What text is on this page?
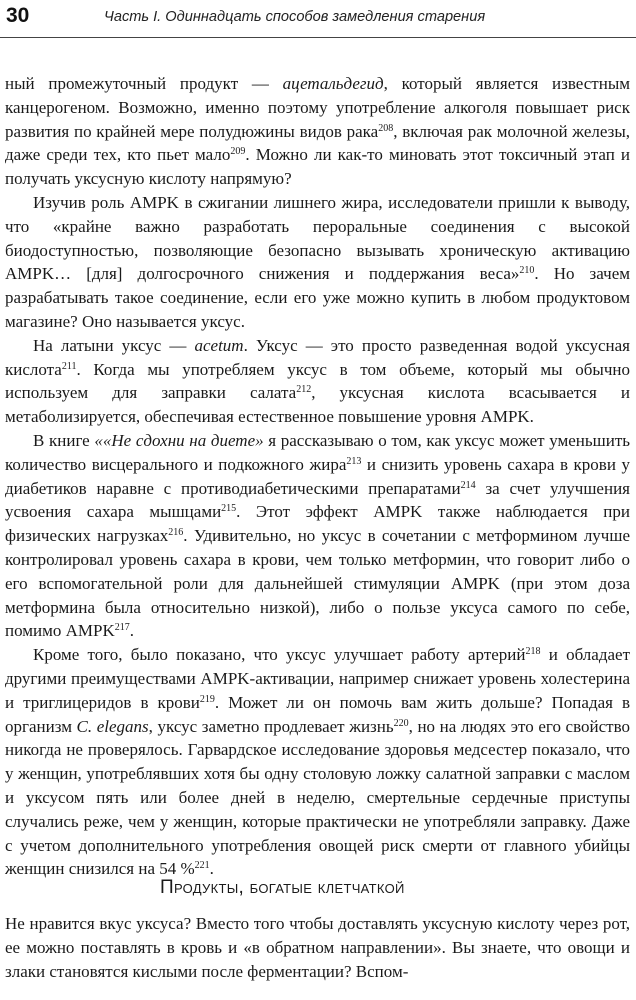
30	Часть I. Одиннадцать способов замедления старения

ный промежуточный продукт — ацетальдегид, который является известным канцерогеном. Возможно, именно поэтому употребление алкоголя повышает риск развития по крайней мере полудюжины видов рака$^{208}$, включая рак молочной железы, даже среди тех, кто пьет мало$^{209}$. Можно ли как-то миновать этот токсичный этап и получать уксусную кислоту напрямую?

Изучив роль AMPK в сжигании лишнего жира, исследователи пришли к выводу, что «крайне важно разработать пероральные соединения с высокой биодоступностью, позволяющие безопасно вызывать хроническую активацию AMPK… [для] долгосрочного снижения и поддержания веса»$^{210}$. Но зачем разрабатывать такое соединение, если его уже можно купить в любом продуктовом магазине? Оно называется уксус.

На латыни уксус — acetum. Уксус — это просто разведенная водой уксусная кислота$^{211}$. Когда мы употребляем уксус в том объеме, который мы обычно используем для заправки салата$^{212}$, уксусная кислота всасывается и метаболизируется, обеспечивая естественное повышение уровня AMPK.

В книге ««Не сдохни на диете» я рассказываю о том, как уксус может уменьшить количество висцерального и подкожного жира$^{213}$ и снизить уровень сахара в крови у диабетиков наравне с противодиабетическими препаратами$^{214}$ за счет улучшения усвоения сахара мышцами$^{215}$. Этот эффект AMPK также наблюдается при физических нагрузках$^{216}$. Удивительно, но уксус в сочетании с метформином лучше контролировал уровень сахара в крови, чем только метформин, что говорит либо о его вспомогательной роли для дальнейшей стимуляции AMPK (при этом доза метформина была относительно низкой), либо о пользе уксуса самого по себе, помимо AMPK$^{217}$.

Кроме того, было показано, что уксус улучшает работу артерий$^{218}$ и обладает другими преимуществами AMPK-активации, например снижает уровень холестерина и триглицеридов в крови$^{219}$. Может ли он помочь вам жить дольше? Попадая в организм C. elegans, уксус заметно продлевает жизнь$^{220}$, но на людях это его свойство никогда не проверялось. Гарвардское исследование здоровья медсестер показало, что у женщин, употреблявших хотя бы одну столовую ложку салатной заправки с маслом и уксусом пять или более дней в неделю, смертельные сердечные приступы случались реже, чем у женщин, которые практически не употребляли заправку. Даже с учетом дополнительного употребления овощей риск смерти от главного убийцы женщин снизился на 54 %$^{221}$.

Продукты, богатые клетчаткой

Не нравится вкус уксуса? Вместо того чтобы доставлять уксусную кислоту через рот, ее можно поставлять в кровь и «в обратном направлении». Вы знаете, что овощи и злаки становятся кислыми после ферментации? Вспом-
